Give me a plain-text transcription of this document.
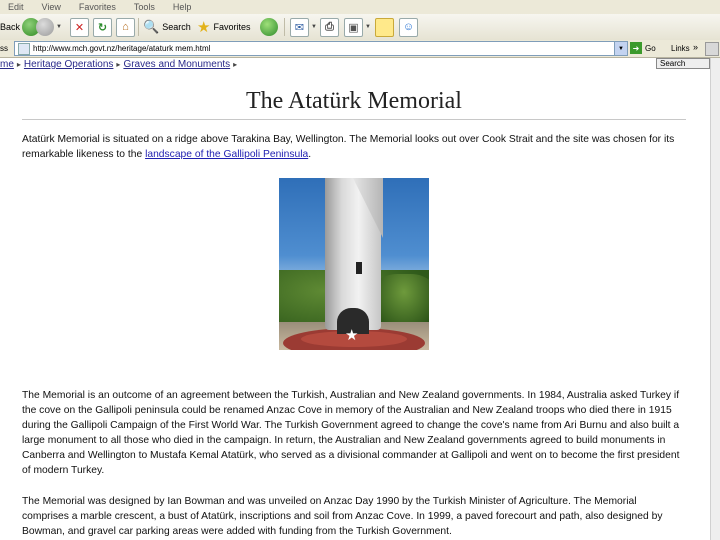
Edit View Favorites Tools Help
Back	▼	✕	↻	⌂	🔍 Search ★ Favorites	✉	▼ ⎙	▣	▼	☺
ss
http://www.mch.govt.nz/heritage/ataturk mem.html	▼	➜ Go Links »
me ▸ Heritage Operations ▸ Graves and Monuments ▸	Search
The Atatürk Memorial

Atatürk Memorial is situated on a ridge above Tarakina Bay, Wellington. The Memorial looks out over Cook Strait and the site was chosen for its remarkable likeness to the landscape of the Gallipoli Peninsula.

★

The Memorial is an outcome of an agreement between the Turkish, Australian and New Zealand governments. In 1984, Australia asked Turkey if the cove on the Gallipoli peninsula could be renamed Anzac Cove in memory of the Australian and New Zealand troops who died there in 1915 during the Gallipoli Campaign of the First World War. The Turkish Government agreed to change the cove's name from Ari Burnu and also built a large monument to all those who died in the campaign. In return, the Australian and New Zealand governments agreed to build monuments in Canberra and Wellington to Mustafa Kemal Atatürk, who served as a divisional commander at Gallipoli and went on to become the first president of modern Turkey.

The Memorial was designed by Ian Bowman and was unveiled on Anzac Day 1990 by the Turkish Minister of Agriculture. The Memorial comprises a marble crescent, a bust of Atatürk, inscriptions and soil from Anzac Cove. In 1999, a paved forecourt and path, also designed by Bowman, and gravel car parking areas were added with funding from the Turkish Government.
